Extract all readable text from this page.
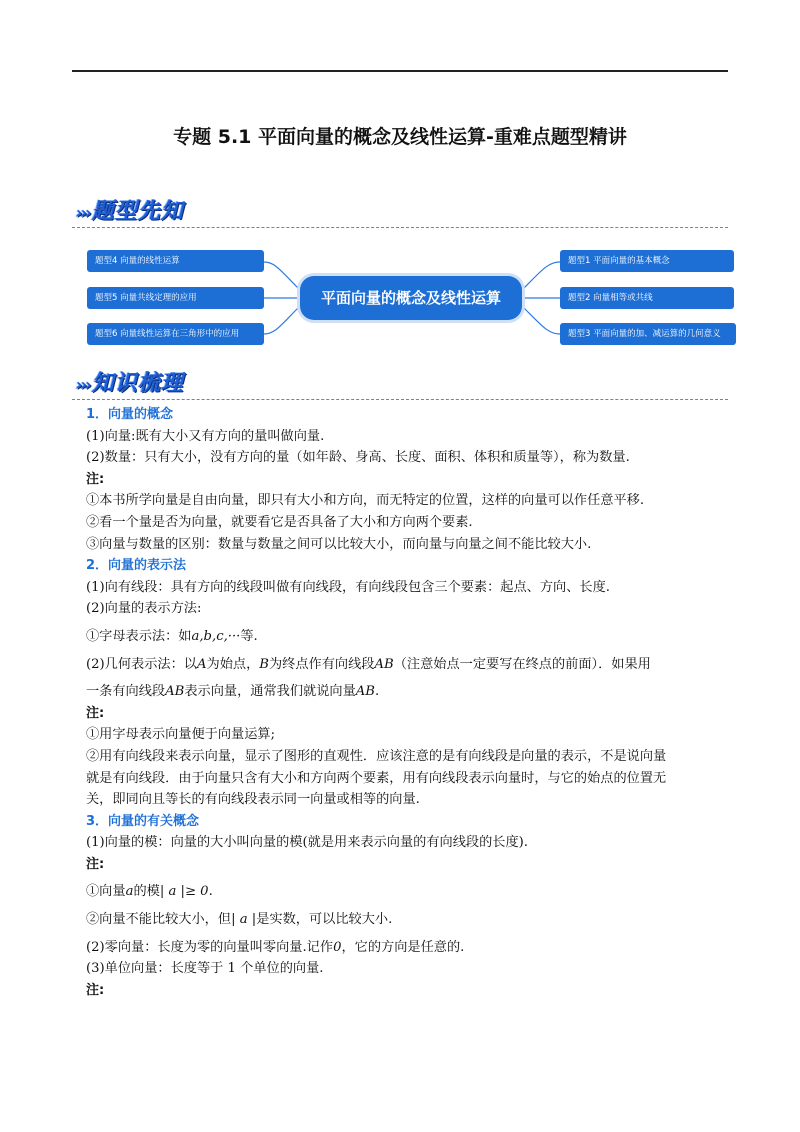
专题 5.1 平面向量的概念及线性运算-重难点题型精讲
›››题型先知
平面向量的概念及线性运算
题型4 向量的线性运算
题型5 向量共线定理的应用
题型6 向量线性运算在三角形中的应用
题型1 平面向量的基本概念
题型2 向量相等或共线
题型3 平面向量的加、减运算的几何意义
›››知识梳理

1．向量的概念

(1)向量:既有大小又有方向的量叫做向量.

(2)数量：只有大小，没有方向的量（如年龄、身高、长度、面积、体积和质量等），称为数量.

注:

①本书所学向量是自由向量，即只有大小和方向，而无特定的位置，这样的向量可以作任意平移.

②看一个量是否为向量，就要看它是否具备了大小和方向两个要素.

③向量与数量的区别：数量与数量之间可以比较大小，而向量与向量之间不能比较大小.

2．向量的表示法

(1)向有线段：具有方向的线段叫做有向线段，有向线段包含三个要素：起点、方向、长度.

(2)向量的表示方法:

①字母表示法：如a,b,c,···等.

(2)几何表示法：以A为始点，B为终点作有向线段AB（注意始点一定要写在终点的前面）．如果用

一条有向线段AB表示向量，通常我们就说向量AB.

注:

①用字母表示向量便于向量运算;

②用有向线段来表示向量，显示了图形的直观性．应该注意的是有向线段是向量的表示，不是说向量

就是有向线段．由于向量只含有大小和方向两个要素，用有向线段表示向量时，与它的始点的位置无

关，即同向且等长的有向线段表示同一向量或相等的向量.

3．向量的有关概念

(1)向量的模：向量的大小叫向量的模(就是用来表示向量的有向线段的长度).

注:

①向量a的模| a |≥ 0.

②向量不能比较大小，但| a |是实数，可以比较大小.

(2)零向量：长度为零的向量叫零向量.记作0，它的方向是任意的.

(3)单位向量：长度等于 1 个单位的向量.

注:
